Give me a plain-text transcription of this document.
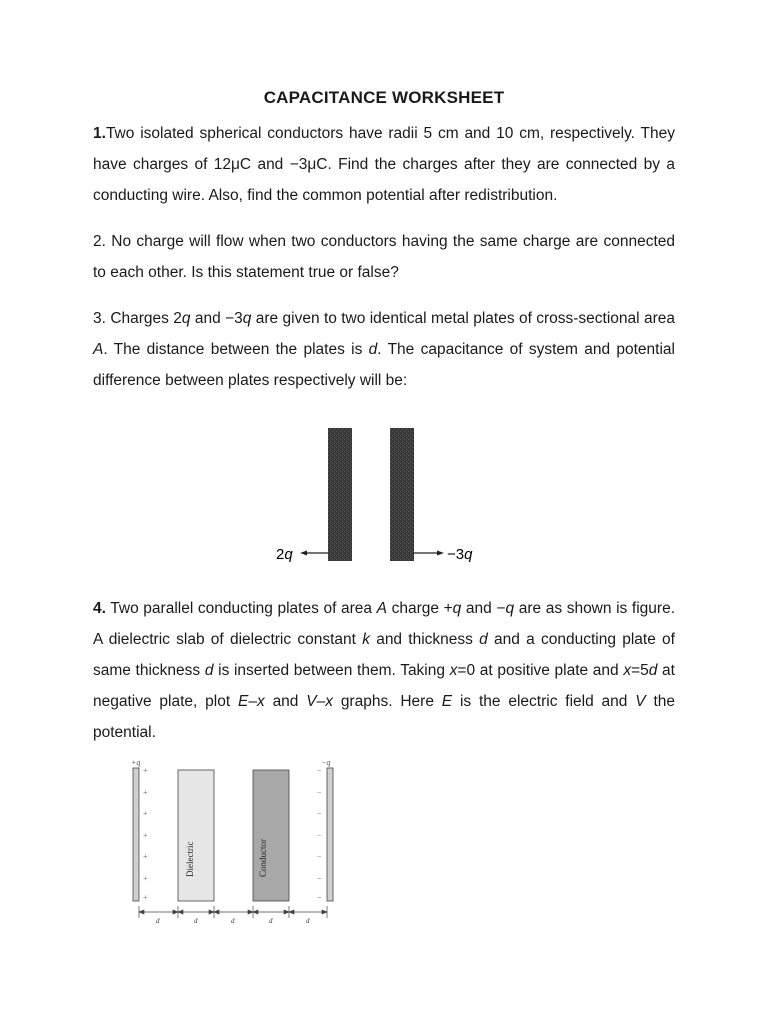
CAPACITANCE WORKSHEET
1.Two isolated spherical conductors have radii 5 cm and 10 cm, respectively. They have charges of 12μC and −3μC. Find the charges after they are connected by a conducting wire. Also, find the common potential after redistribution.
2. No charge will flow when two conductors having the same charge are connected to each other. Is this statement true or false?
3. Charges 2q and −3q are given to two identical metal plates of cross-sectional area A. The distance between the plates is d. The capacitance of system and potential difference between plates respectively will be:
2q	−3q
4. Two parallel conducting plates of area A charge +q and −q are as shown is figure. A dielectric slab of dielectric constant k and thickness d and a conducting plate of same thickness d is inserted between them. Taking x=0 at positive plate and x=5d at negative plate, plot E–x and V–x graphs. Here E is the electric field and V the potential.
+q	−q
+
+
+
+
+
+
+
−
−
−
−
−
−
−
Dielectric	Conductor
d	d	d	d	d
